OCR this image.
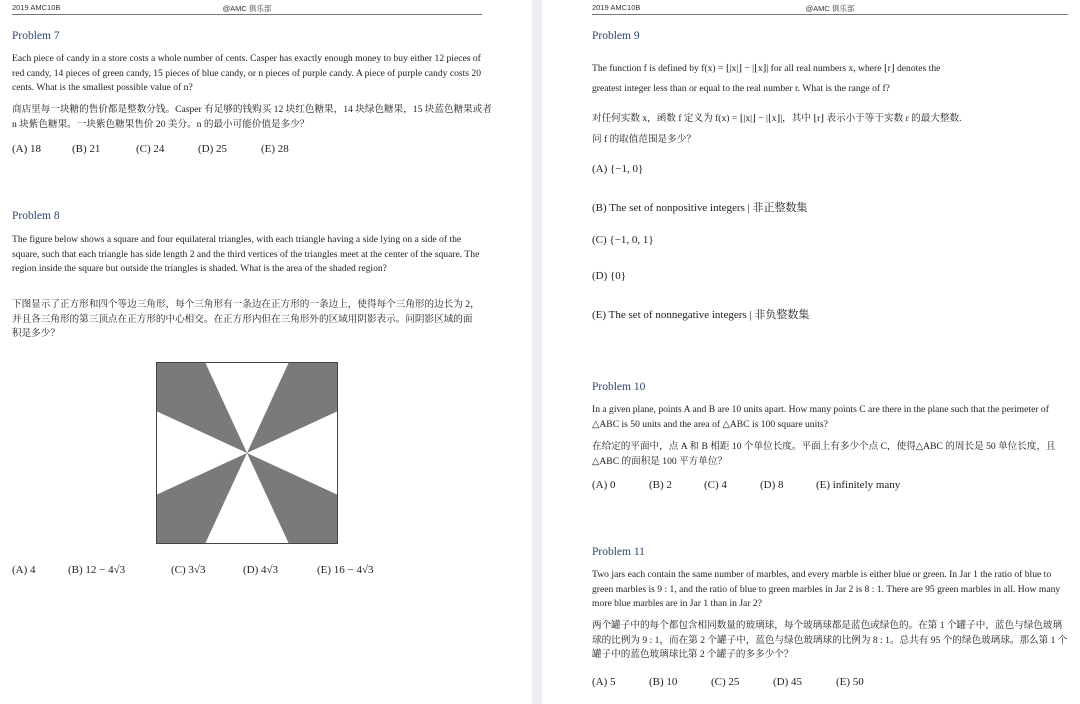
2019 AMC10B	@AMC 俱乐部
Problem 7
Each piece of candy in a store costs a whole number of cents. Casper has exactly enough money to buy either 12 pieces of red candy, 14 pieces of green candy, 15 pieces of blue candy, or n pieces of purple candy. A piece of purple candy costs 20 cents. What is the smallest possible value of n?
商店里每一块糖的售价都是整数分钱。Casper 有足够的钱购买 12 块红色糖果，14 块绿色糖果，15 块蓝色糖果或者 n 块紫色糖果。一块紫色糖果售价 20 美分。n 的最小可能价值是多少？
(A) 18	(B) 21	(C) 24	(D) 25	(E) 28
Problem 8
The figure below shows a square and four equilateral triangles, with each triangle having a side lying on a side of the square, such that each triangle has side length 2 and the third vertices of the triangles meet at the center of the square. The region inside the square but outside the triangles is shaded. What is the area of the shaded region?
下图显示了正方形和四个等边三角形，每个三角形有一条边在正方形的一条边上，使得每个三角形的边长为 2，并且各三角形的第三顶点在正方形的中心相交。在正方形内但在三角形外的区域用阴影表示。问阴影区域的面积是多少？
(A) 4	(B) 12 − 4√3	(C) 3√3	(D) 4√3	(E) 16 − 4√3
2019 AMC10B	@AMC 俱乐部
Problem 9
The function f is defined by f(x) = ⌊|x|⌋ − |⌊x⌋| for all real numbers x, where ⌊r⌋ denotes the
greatest integer less than or equal to the real number r. What is the range of f?
对任何实数 x，函数 f 定义为 f(x) = ⌊|x|⌋ − |⌊x⌋|，其中 ⌊r⌋ 表示小于等于实数 r 的最大整数.
问 f 的取值范围是多少？
(A) {−1, 0}
(B) The set of nonpositive integers | 非正整数集
(C) {−1, 0, 1}
(D) {0}
(E) The set of nonnegative integers | 非负整数集
Problem 10
In a given plane, points A and B are 10 units apart. How many points C are there in the plane such that the perimeter of △ABC is 50 units and the area of △ABC is 100 square units?
在给定的平面中，点 A 和 B 相距 10 个单位长度。平面上有多少个点 C，使得△ABC 的周长是 50 单位长度，且△ABC 的面积是 100 平方单位？
(A) 0	(B) 2	(C) 4	(D) 8	(E) infinitely many
Problem 11
Two jars each contain the same number of marbles, and every marble is either blue or green. In Jar 1 the ratio of blue to green marbles is 9 : 1, and the ratio of blue to green marbles in Jar 2 is 8 : 1. There are 95 green marbles in all. How many more blue marbles are in Jar 1 than in Jar 2?
两个罐子中的每个都包含相同数量的玻璃球，每个玻璃球都是蓝色或绿色的。在第 1 个罐子中，蓝色与绿色玻璃球的比例为 9 : 1，而在第 2 个罐子中，蓝色与绿色玻璃球的比例为 8 : 1。总共有 95 个的绿色玻璃球。那么第 1 个罐子中的蓝色玻璃球比第 2 个罐子的多多少个？
(A) 5	(B) 10	(C) 25	(D) 45	(E) 50
